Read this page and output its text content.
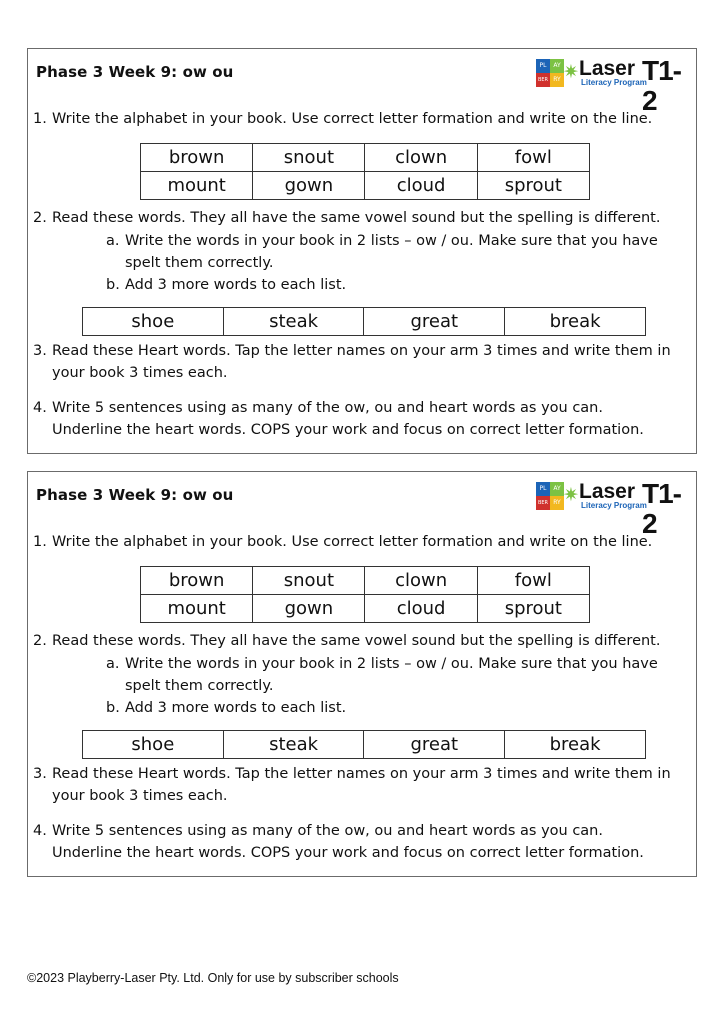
Phase 3 Week 9: ow ou	PL	AY
BER RY ✷ Laser
Literacy Program
T1-2
1. Write the alphabet in your book. Use correct letter formation and write on the line.
brown	snout	clown	fowl
mount	gown	cloud	sprout
2. Read these words. They all have the same vowel sound but the spelling is different.
a. Write the words in your book in 2 lists – ow / ou. Make sure that you have
spelt them correctly.
b. Add 3 more words to each list.
shoe	steak	great	break
3. Read these Heart words. Tap the letter names on your arm 3 times and write them in
your book 3 times each.
4. Write 5 sentences using as many of the ow, ou and heart words as you can.
Underline the heart words. COPS your work and focus on correct letter formation.
Phase 3 Week 9: ow ou	PL	AY
BER RY ✷ Laser
Literacy Program
T1-2
1. Write the alphabet in your book. Use correct letter formation and write on the line.
brown	snout	clown	fowl
mount	gown	cloud	sprout
2. Read these words. They all have the same vowel sound but the spelling is different.
a. Write the words in your book in 2 lists – ow / ou. Make sure that you have
spelt them correctly.
b. Add 3 more words to each list.
shoe	steak	great	break
3. Read these Heart words. Tap the letter names on your arm 3 times and write them in
your book 3 times each.
4. Write 5 sentences using as many of the ow, ou and heart words as you can.
Underline the heart words. COPS your work and focus on correct letter formation.
©2023 Playberry-Laser Pty. Ltd. Only for use by subscriber schools
